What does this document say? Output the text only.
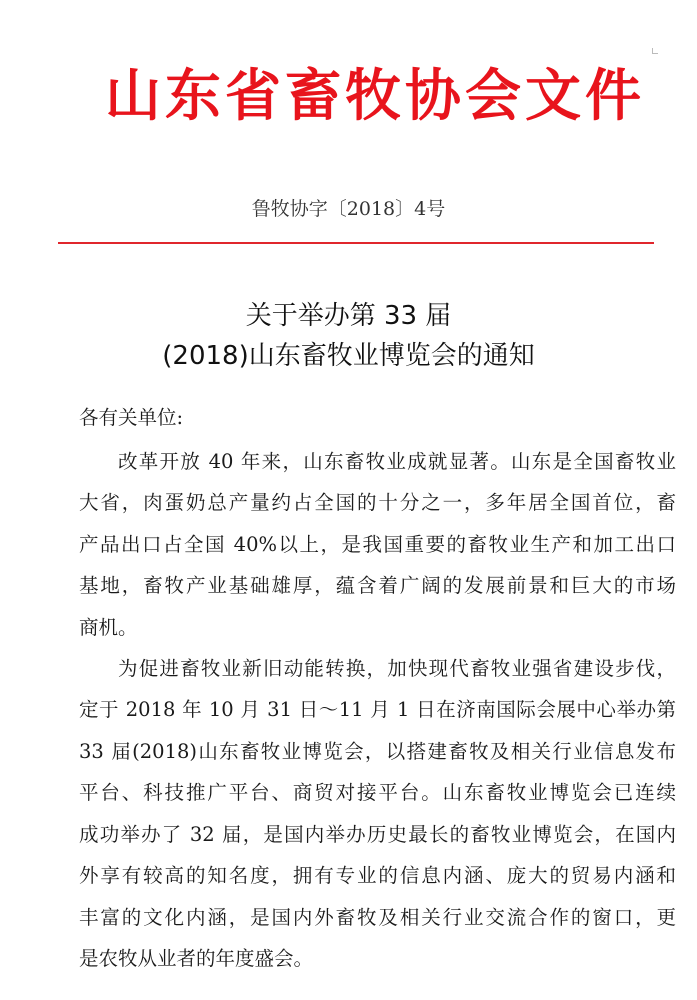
山东省畜牧协会文件
鲁牧协字〔2018〕4号
关于举办第 33 届
(2018)山东畜牧业博览会的通知
各有关单位:
改革开放 40 年来，山东畜牧业成就显著。山东是全国畜牧业
大省，肉蛋奶总产量约占全国的十分之一，多年居全国首位，畜
产品出口占全国 40%以上，是我国重要的畜牧业生产和加工出口
基地，畜牧产业基础雄厚，蕴含着广阔的发展前景和巨大的市场
商机。
为促进畜牧业新旧动能转换，加快现代畜牧业强省建设步伐，
定于 2018 年 10 月 31 日～11 月 1 日在济南国际会展中心举办第
33 届(2018)山东畜牧业博览会，以搭建畜牧及相关行业信息发布
平台、科技推广平台、商贸对接平台。山东畜牧业博览会已连续
成功举办了 32 届，是国内举办历史最长的畜牧业博览会，在国内
外享有较高的知名度，拥有专业的信息内涵、庞大的贸易内涵和
丰富的文化内涵，是国内外畜牧及相关行业交流合作的窗口，更
是农牧从业者的年度盛会。
